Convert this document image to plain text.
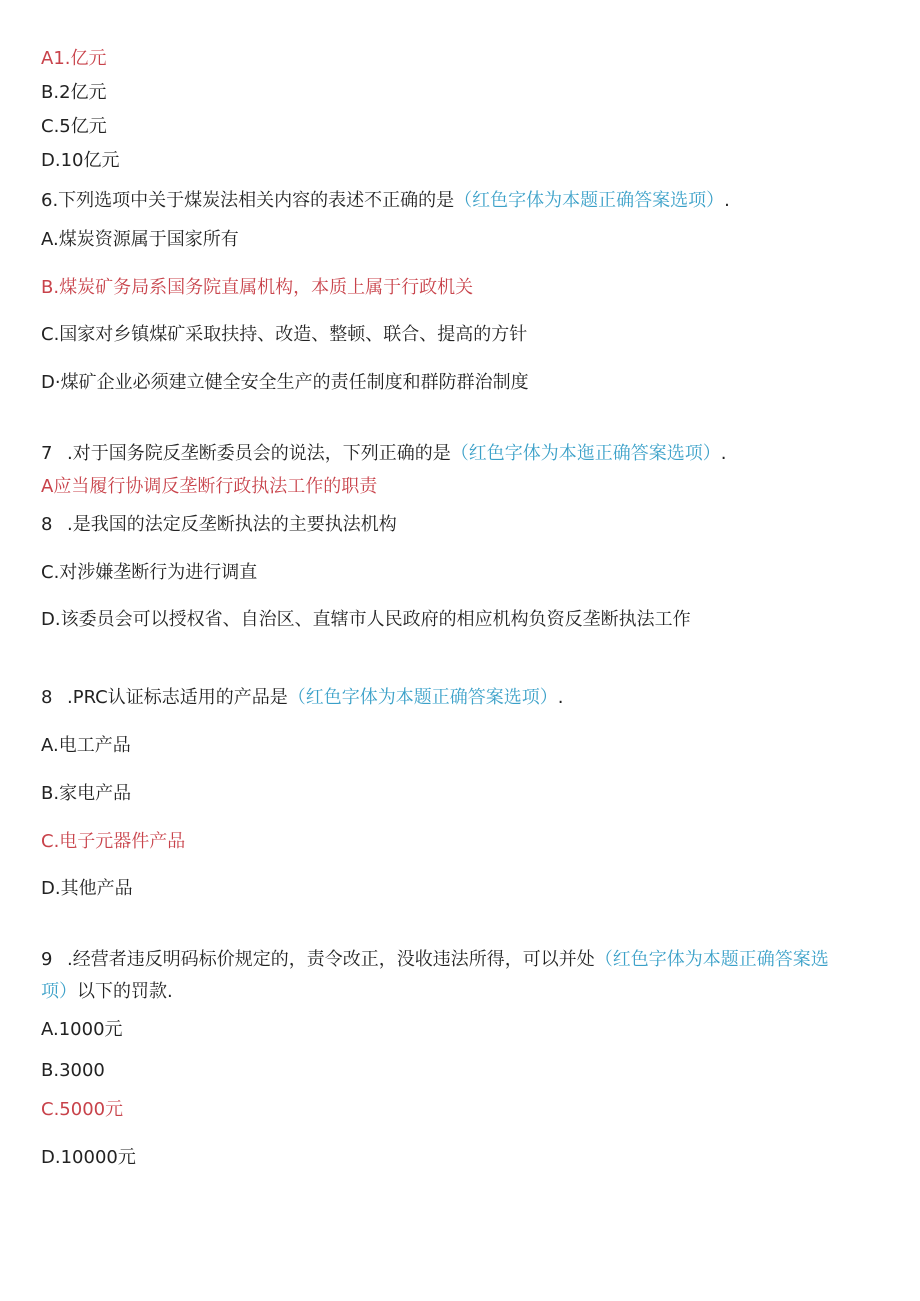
A1.亿元

B.2亿元

C.5亿元

D.10亿元

6.下列选项中关于煤炭法相关内容的表述不正确的是（红色字体为本题正确答案选项）.

A.煤炭资源属于国家所有

B.煤炭矿务局系国务院直属机构，本质上属于行政机关

C.国家对乡镇煤矿采取扶持、改造、整顿、联合、提高的方针

D·煤矿企业必须建立健全安全生产的责任制度和群防群治制度

7 .对于国务院反垄断委员会的说法，下列正确的是（红色字体为本迤正确答案选项）.

A应当履行协调反垄断行政执法工作的职责

8 .是我国的法定反垄断执法的主要执法机构

C.对涉嫌垄断行为进行调直

D.该委员会可以授权省、自治区、直辖市人民政府的相应机构负资反垄断执法工作

8 .PRC认证标志适用的产品是（红色字体为本题正确答案选项）.

A.电工产品

B.家电产品

C.电子元器件产品

D.其他产品

9 .经营者违反明码标价规定的，责令改正，没收违法所得，可以并处（红色字体为本题正确答案选

项）以下的罚款.

A.1000元

B.3000

C.5000元

D.10000元
